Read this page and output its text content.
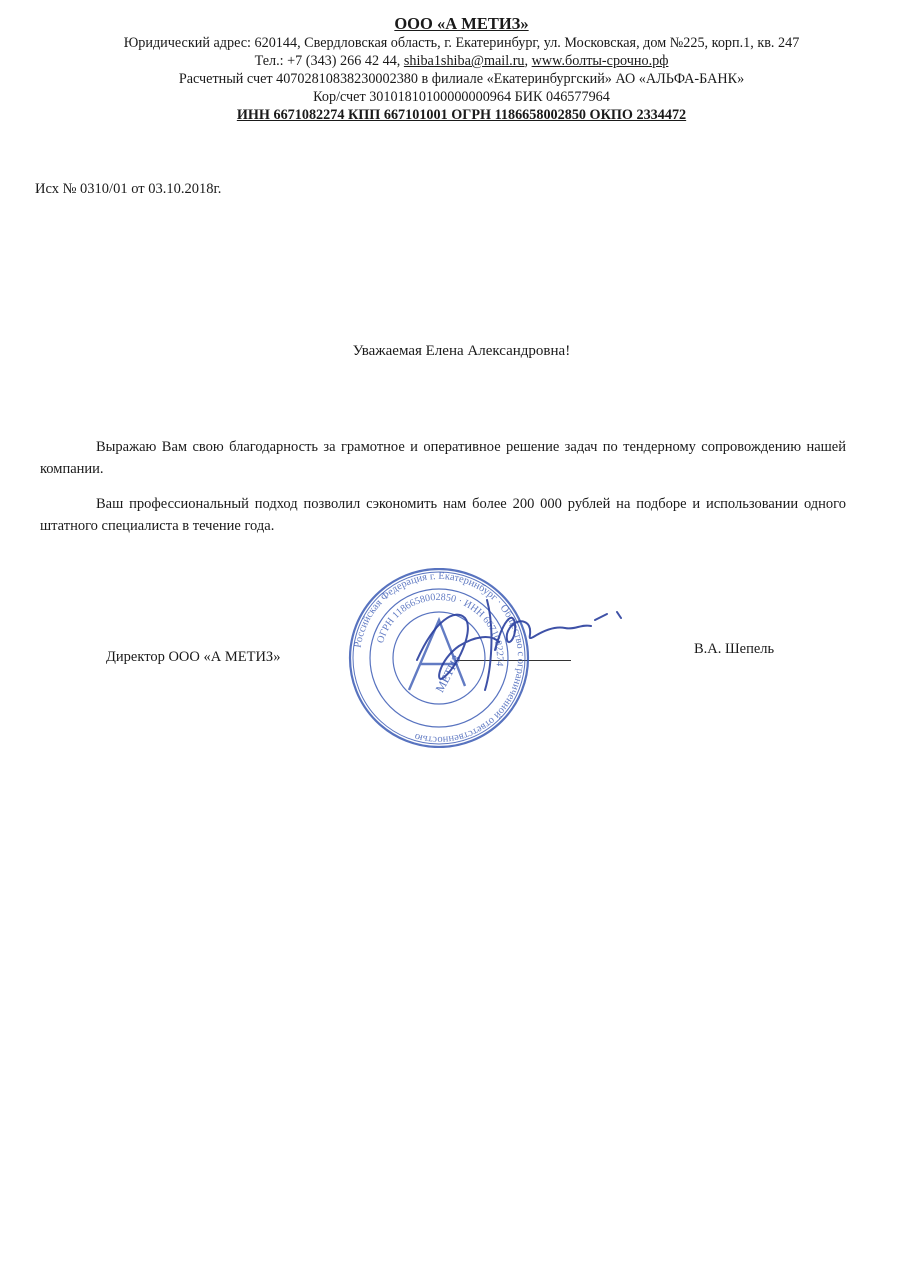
ООО «А МЕТИЗ»
Юридический адрес: 620144, Свердловская область, г. Екатеринбург, ул. Московская, дом №225, корп.1, кв. 247
Тел.: +7 (343) 266 42 44, shiba1shiba@mail.ru, www.болты-срочно.рф
Расчетный счет 40702810838230002380 в филиале «Екатеринбургский» АО «АЛЬФА-БАНК»
Кор/счет 30101810100000000964 БИК 046577964
ИНН 6671082274 КПП 667101001 ОГРН 1186658002850 ОКПО 2334472
Исх № 0310/01 от 03.10.2018г.
Уважаемая Елена Александровна!
Выражаю Вам свою благодарность за грамотное и оперативное решение задач по тендерному сопровождению нашей компании.
Ваш профессиональный подход позволил сэкономить нам более 200 000 рублей на подборе и использовании одного штатного специалиста в течение года.
Директор ООО «А МЕТИЗ»	В.А. Шепель
Российская Федерация г. Екатеринбург · Общество с ограниченной ответственностью
ОГРН 1186658002850 · ИНН 6671082274
МЕТИЗ
